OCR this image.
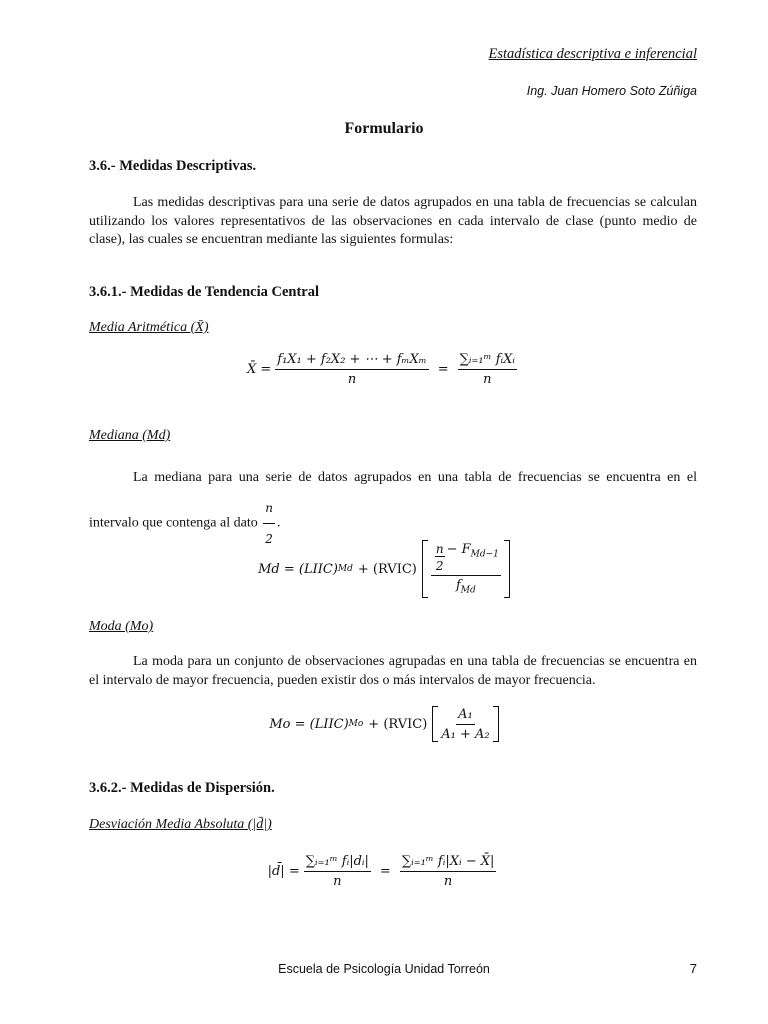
Estadística descriptiva e inferencial
Ing. Juan Homero Soto Zúñiga
Formulario
3.6.- Medidas Descriptivas.
Las medidas descriptivas para una serie de datos agrupados en una tabla de frecuencias se calculan utilizando los valores representativos de las observaciones en cada intervalo de clase (punto medio de clase), las cuales se encuentran mediante las siguientes formulas:
3.6.1.- Medidas de Tendencia Central
Media Aritmética (X̄)
X̄ = $\frac{\text{f₁X₁ + f₂X₂ + ⋯ + fₘXₘ}}{n} = \frac{\text{∑ᵢ₌₁ᵐ fᵢXᵢ}}{n}$
Mediana (Md)
La mediana para una serie de datos agrupados en una tabla de frecuencias se encuentra en el intervalo que contenga al dato $\frac{n}{2}$ .
Md = (LIIC) Md + (RVIC) $\frac{\frac{n}{2} - F_{Md-1}}{f_{Md}}$
Moda (Mo)
La moda para un conjunto de observaciones agrupadas en una tabla de frecuencias se encuentra en el intervalo de mayor frecuencia, pueden existir dos o más intervalos de mayor frecuencia.
Mo = (LIIC) Mo + (RVIC) $\frac{\text{A₁}}{\text{A₁ + A₂}}$
3.6.2.- Medidas de Dispersión.
Desviación Media Absoluta (|d̄|)
|d̄| = $\frac{\text{∑ᵢ₌₁ᵐ fᵢ|dᵢ|}}{n} = \frac{\text{∑ᵢ₌₁ᵐ fᵢ|Xᵢ − X̄|}}{n}$
Escuela de Psicología Unidad Torreón	7
